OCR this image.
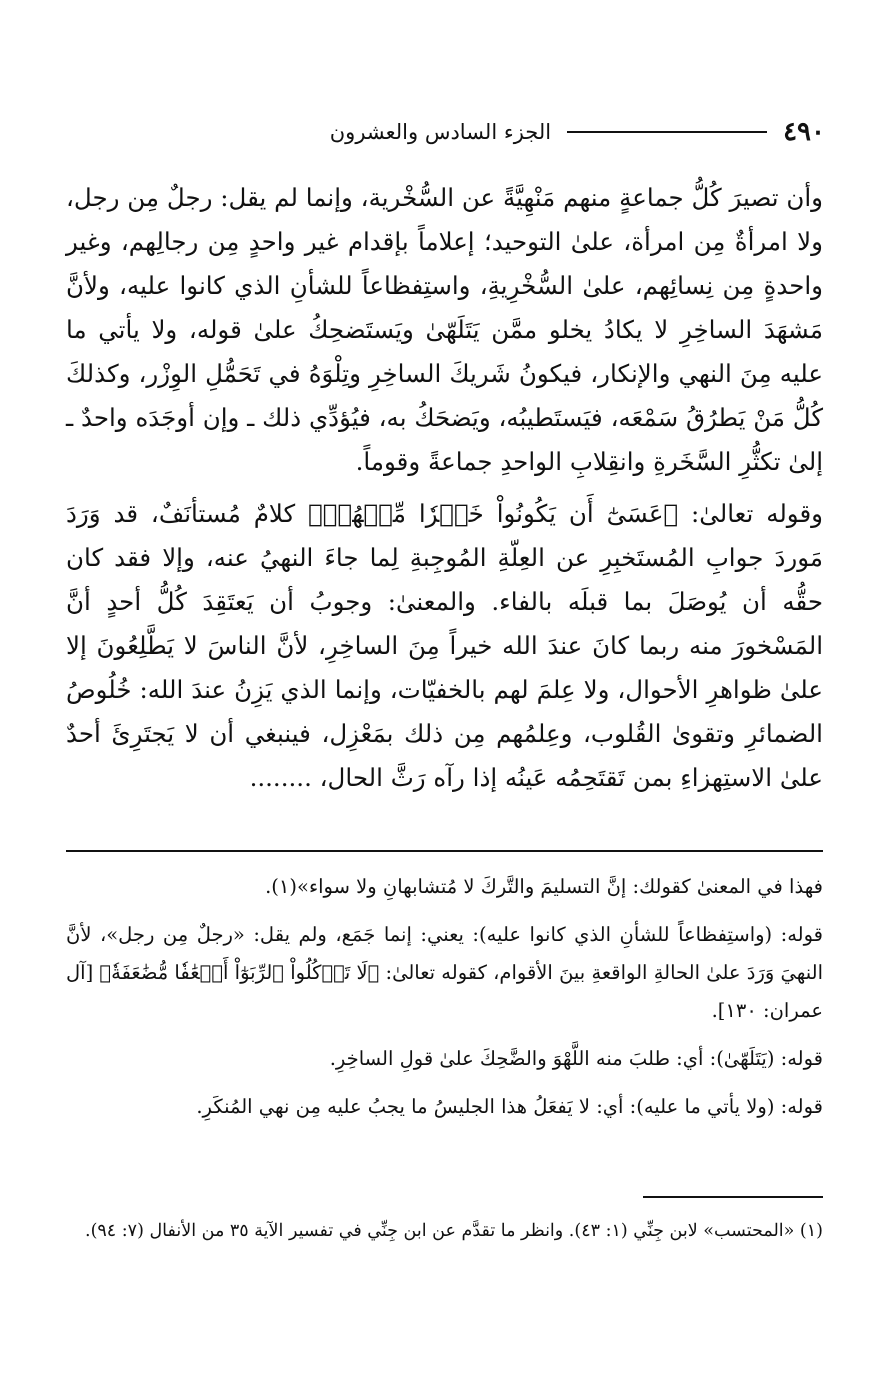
٤٩٠
الجزء السادس والعشرون

وأن تصيرَ كُلُّ جماعةٍ منهم مَنْهِيَّةً عن السُّخْرية، وإنما لم يقل: رجلٌ مِن رجل، ولا امرأةٌ مِن امرأة، علىٰ التوحيد؛ إعلاماً بإقدام غير واحدٍ مِن رجالِهم، وغير واحدةٍ مِن نِسائِهم، علىٰ السُّخْرِيةِ، واستِفظاعاً للشأنِ الذي كانوا عليه، ولأنَّ مَشهَدَ الساخِرِ لا يكادُ يخلو ممَّن يَتَلَهّىٰ ويَستَضحِكُ علىٰ قوله، ولا يأتي ما عليه مِنَ النهي والإنكار، فيكونُ شَريكَ الساخِرِ وتِلْوَهُ في تَحَمُّلِ الوِزْر، وكذلكَ كُلُّ مَنْ يَطرُقُ سَمْعَه، فيَستَطيبُه، ويَضحَكُ به، فيُؤدِّي ذلك ـ وإن أوجَدَه واحدٌ ـ إلىٰ تكثُّرِ السَّخَرةِ وانقِلابِ الواحدِ جماعةً وقوماً.

وقوله تعالىٰ: ﴿عَسَىٰٓ أَن يَكُونُواْ خَيۡرٗا مِّنۡهُمۡ﴾ كلامٌ مُستأنَفٌ، قد وَرَدَ مَوردَ جوابِ المُستَخبِرِ عن العِلّةِ المُوجِبةِ لِما جاءَ النهيُ عنه، وإلا فقد كان حقُّه أن يُوصَلَ بما قبلَه بالفاء. والمعنىٰ: وجوبُ أن يَعتَقِدَ كُلُّ أحدٍ أنَّ المَسْخورَ منه ربما كانَ عندَ الله خيراً مِنَ الساخِرِ، لأنَّ الناسَ لا يَطَّلِعُونَ إلا علىٰ ظواهرِ الأحوال، ولا عِلمَ لهم بالخفيّات، وإنما الذي يَزِنُ عندَ الله: خُلُوصُ الضمائرِ وتقوىٰ القُلوب، وعِلمُهم مِن ذلك بمَعْزِل، فينبغي أن لا يَجتَرِئَ أحدٌ علىٰ الاستِهزاءِ بمن تَقتَحِمُه عَينُه إذا رآه رَثَّ الحال، ........

فهذا في المعنىٰ كقولك: إنَّ التسليمَ والتَّركَ لا مُتشابهانِ ولا سواء»(١).

قوله: (واستِفظاعاً للشأنِ الذي كانوا عليه): يعني: إنما جَمَع، ولم يقل: «رجلٌ مِن رجل»، لأنَّ النهيَ وَرَدَ علىٰ الحالةِ الواقعةِ بينَ الأقوام، كقوله تعالىٰ: ﴿لَا تَأۡكُلُواْ ٱلرِّبَوٰٓاْ أَضۡعَٰفٗا مُّضَٰعَفَةٗ﴾ [آل عمران: ١٣٠].

قوله: (يَتَلَهّىٰ): أي: طلبَ منه اللَّهْوَ والضَّحِكَ علىٰ قولِ الساخِرِ.

قوله: (ولا يأتي ما عليه): أي: لا يَفعَلُ هذا الجليسُ ما يجبُ عليه مِن نهي المُنكَرِ.

(١) «المحتسب» لابن جِنِّي (١: ٤٣). وانظر ما تقدَّم عن ابن جِنِّي في تفسير الآية ٣٥ من الأنفال (٧: ٩٤).
